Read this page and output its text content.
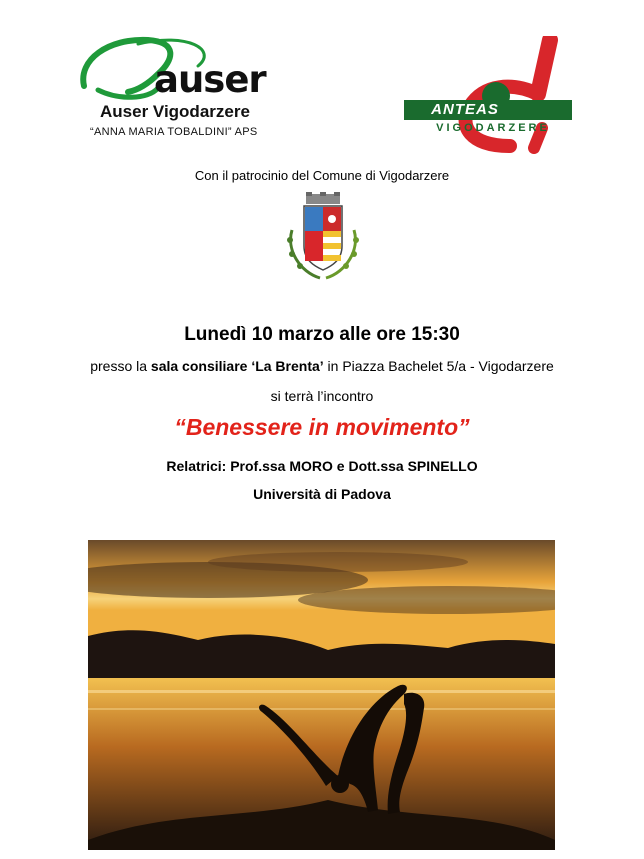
auser
Auser Vigodarzere
“ANNA MARIA TOBALDINI” APS
ANTEAS
VIGODARZERE
Con il patrocinio del Comune di Vigodarzere
Lunedì 10 marzo alle ore 15:30
presso la sala consiliare ‘La Brenta’ in Piazza Bachelet 5/a - Vigodarzere
si terrà l’incontro
“Benessere in movimento”
Relatrici: Prof.ssa MORO e Dott.ssa SPINELLO
Università di Padova
